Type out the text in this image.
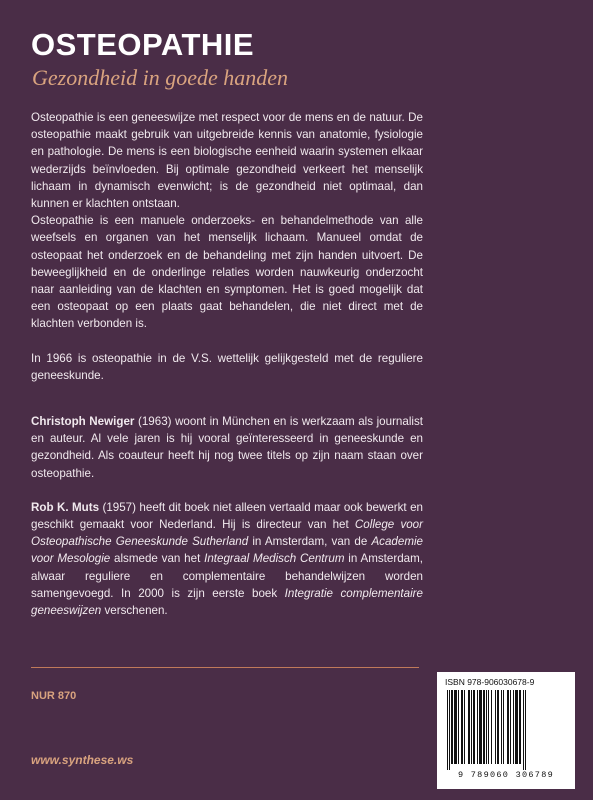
OSTEOPATHIE

Gezondheid in goede handen

Osteopathie is een geneeswijze met respect voor de mens en de natuur. De osteopathie maakt gebruik van uitgebreide kennis van anatomie, fysiologie en pathologie. De mens is een biologische eenheid waarin systemen elkaar wederzijds beïnvloeden. Bij optimale gezondheid verkeert het menselijk lichaam in dynamisch evenwicht; is de gezondheid niet optimaal, dan kunnen er klachten ontstaan.

Osteopathie is een manuele onderzoeks- en behandelmethode van alle weefsels en organen van het menselijk lichaam. Manueel omdat de osteopaat het onderzoek en de behandeling met zijn handen uitvoert. De beweeglijkheid en de onderlinge relaties worden nauwkeurig onderzocht naar aanleiding van de klachten en symptomen. Het is goed mogelijk dat een osteopaat op een plaats gaat behandelen, die niet direct met de klachten verbonden is.

In 1966 is osteopathie in de V.S. wettelijk gelijkgesteld met de reguliere geneeskunde.

Christoph Newiger (1963) woont in München en is werkzaam als journalist en auteur. Al vele jaren is hij vooral geïnteresseerd in geneeskunde en gezondheid. Als coauteur heeft hij nog twee titels op zijn naam staan over osteopathie.

Rob K. Muts (1957) heeft dit boek niet alleen vertaald maar ook bewerkt en geschikt gemaakt voor Nederland. Hij is directeur van het College voor Osteopathische Geneeskunde Sutherland in Amsterdam, van de Academie voor Mesologie alsmede van het Integraal Medisch Centrum in Amsterdam, alwaar reguliere en complementaire behandelwijzen worden samengevoegd. In 2000 is zijn eerste boek Integratie complementaire geneeswijzen verschenen.

NUR 870

www.synthese.ws

ISBN 978-906030678-9

9 789060 306789
